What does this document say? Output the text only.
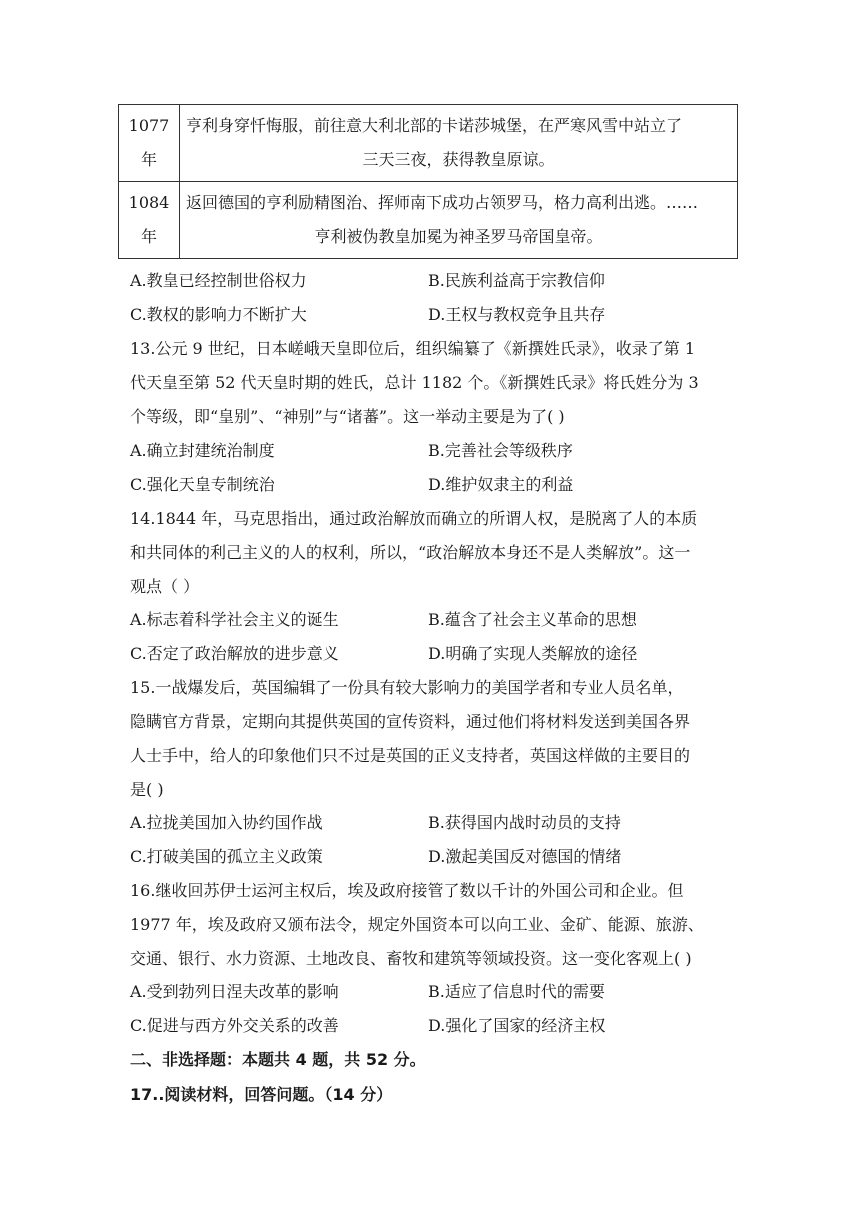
1077
年	亨利身穿忏悔服，前往意大利北部的卡诺莎城堡，在严寒风雪中站立了
三天三夜，获得教皇原谅。
1084
年	返回德国的亨利励精图治、挥师南下成功占领罗马，格力高利出逃。……
亨利被伪教皇加冕为神圣罗马帝国皇帝。
A.教皇已经控制世俗权力	B.民族利益高于宗教信仰
C.教权的影响力不断扩大	D.王权与教权竞争且共存
13.公元 9 世纪，日本嵯峨天皇即位后，组织编纂了《新撰姓氏录》，收录了第 1
代天皇至第 52 代天皇时期的姓氏，总计 1182 个。《新撰姓氏录》将氏姓分为 3
个等级，即“皇别”、“神别”与“诸蕃”。这一举动主要是为了( )
A.确立封建统治制度	B.完善社会等级秩序
C.强化天皇专制统治	D.维护奴隶主的利益
14.1844 年，马克思指出，通过政治解放而确立的所谓人权，是脱离了人的本质
和共同体的利己主义的人的权利，所以，“政治解放本身还不是人类解放”。这一
观点（ ）
A.标志着科学社会主义的诞生	B.蕴含了社会主义革命的思想
C.否定了政治解放的进步意义	D.明确了实现人类解放的途径
15.一战爆发后，英国编辑了一份具有较大影响力的美国学者和专业人员名单，
隐瞒官方背景，定期向其提供英国的宣传资料，通过他们将材料发送到美国各界
人士手中，给人的印象他们只不过是英国的正义支持者，英国这样做的主要目的
是( )
A.拉拢美国加入协约国作战	B.获得国内战时动员的支持
C.打破美国的孤立主义政策	D.激起美国反对德国的情绪
16.继收回苏伊士运河主权后，埃及政府接管了数以千计的外国公司和企业。但
1977 年，埃及政府又颁布法令，规定外国资本可以向工业、金矿、能源、旅游、
交通、银行、水力资源、土地改良、畜牧和建筑等领域投资。这一变化客观上( )
A.受到勃列日涅夫改革的影响	B.适应了信息时代的需要
C.促进与西方外交关系的改善	D.强化了国家的经济主权
二、非选择题：本题共 4 题，共 52 分。
17..阅读材料，回答问题。（14 分）
